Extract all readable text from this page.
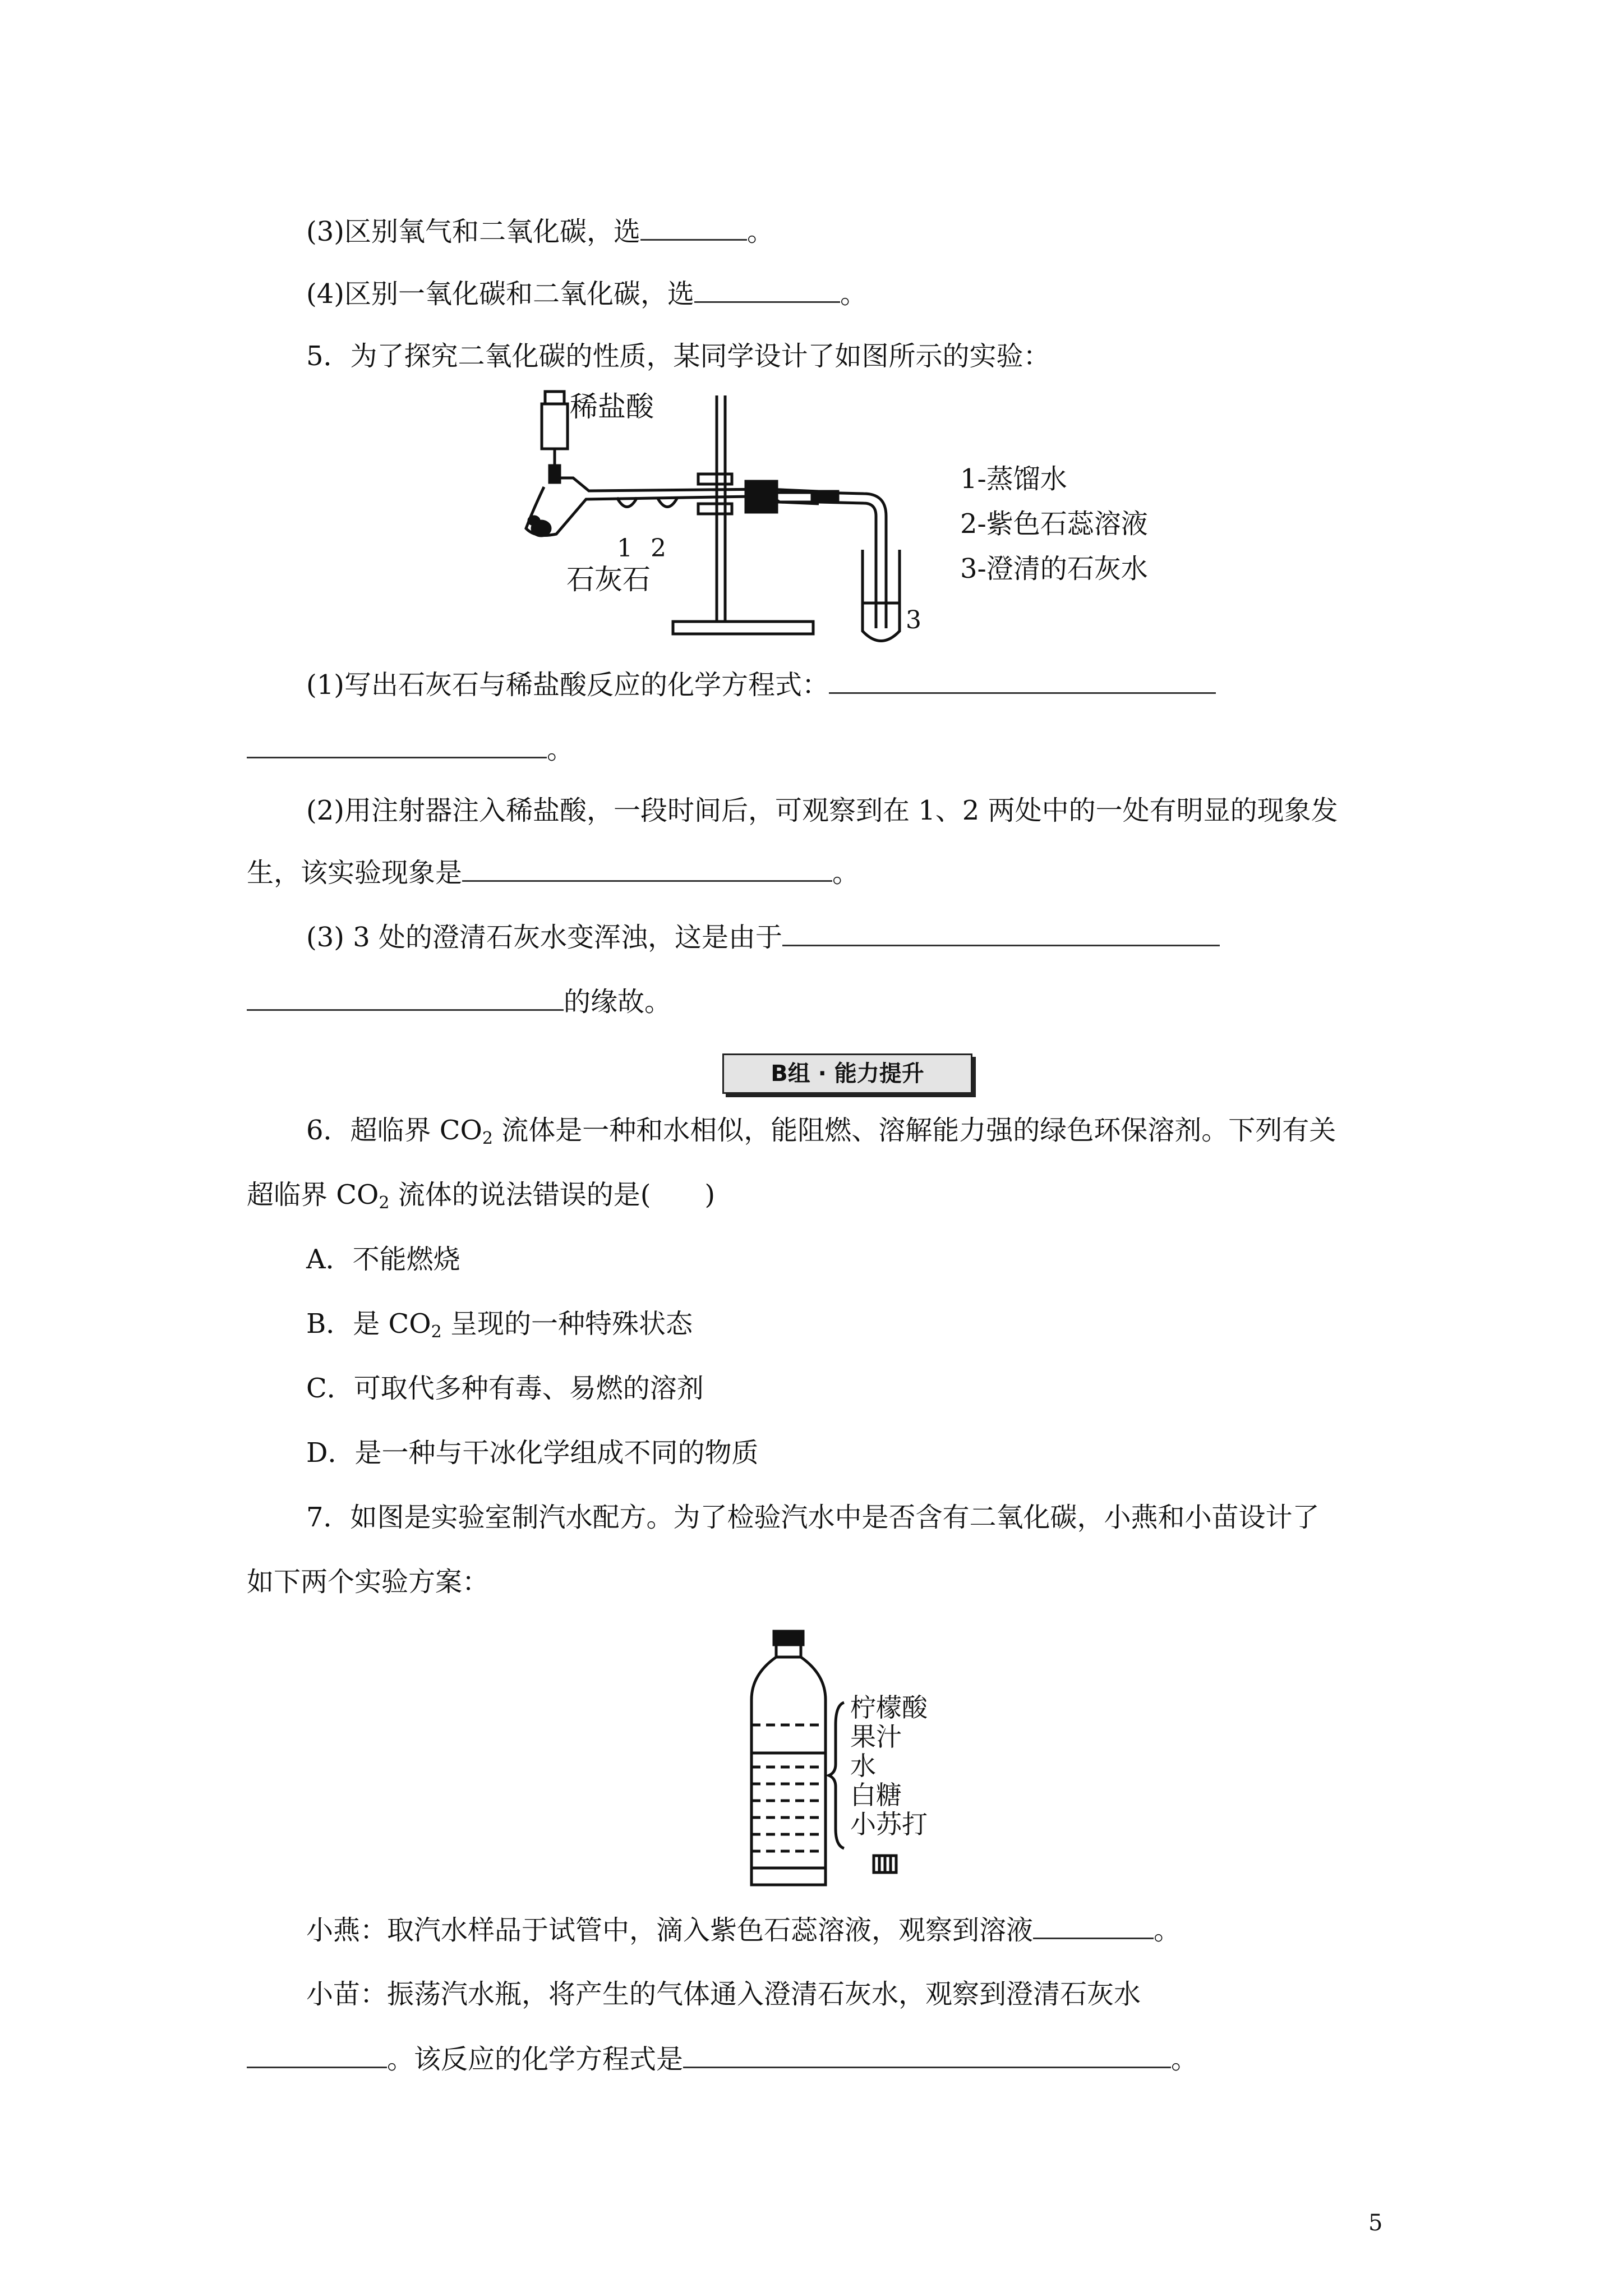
(3)区别氧气和二氧化碳，选	。
(4)区别一氧化碳和二氧化碳，选	。
5．为了探究二氧化碳的性质，某同学设计了如图所示的实验：
稀盐酸
1 2
石灰石
3
1-蒸馏水
2-紫色石蕊溶液
3-澄清的石灰水
(1)写出石灰石与稀盐酸反应的化学方程式：
。
(2)用注射器注入稀盐酸，一段时间后，可观察到在 1、2 两处中的一处有明显的现象发
生，该实验现象是	。
(3) 3 处的澄清石灰水变浑浊，这是由于
的缘故。
B组 · 能力提升
6．超临界 $CO_2$ 流体是一种和水相似，能阻燃、溶解能力强的绿色环保溶剂。下列有关
超临界 $CO_2$ 流体的说法错误的是(　　)
A．不能燃烧
B．是 $CO_2$ 呈现的一种特殊状态
C．可取代多种有毒、易燃的溶剂
D．是一种与干冰化学组成不同的物质
7．如图是实验室制汽水配方。为了检验汽水中是否含有二氧化碳，小燕和小苗设计了
如下两个实验方案：
柠檬酸
果汁
水
白糖
小苏打
小燕：取汽水样品于试管中，滴入紫色石蕊溶液，观察到溶液	。
小苗：振荡汽水瓶，将产生的气体通入澄清石灰水，观察到澄清石灰水
。该反应的化学方程式是	。
5
